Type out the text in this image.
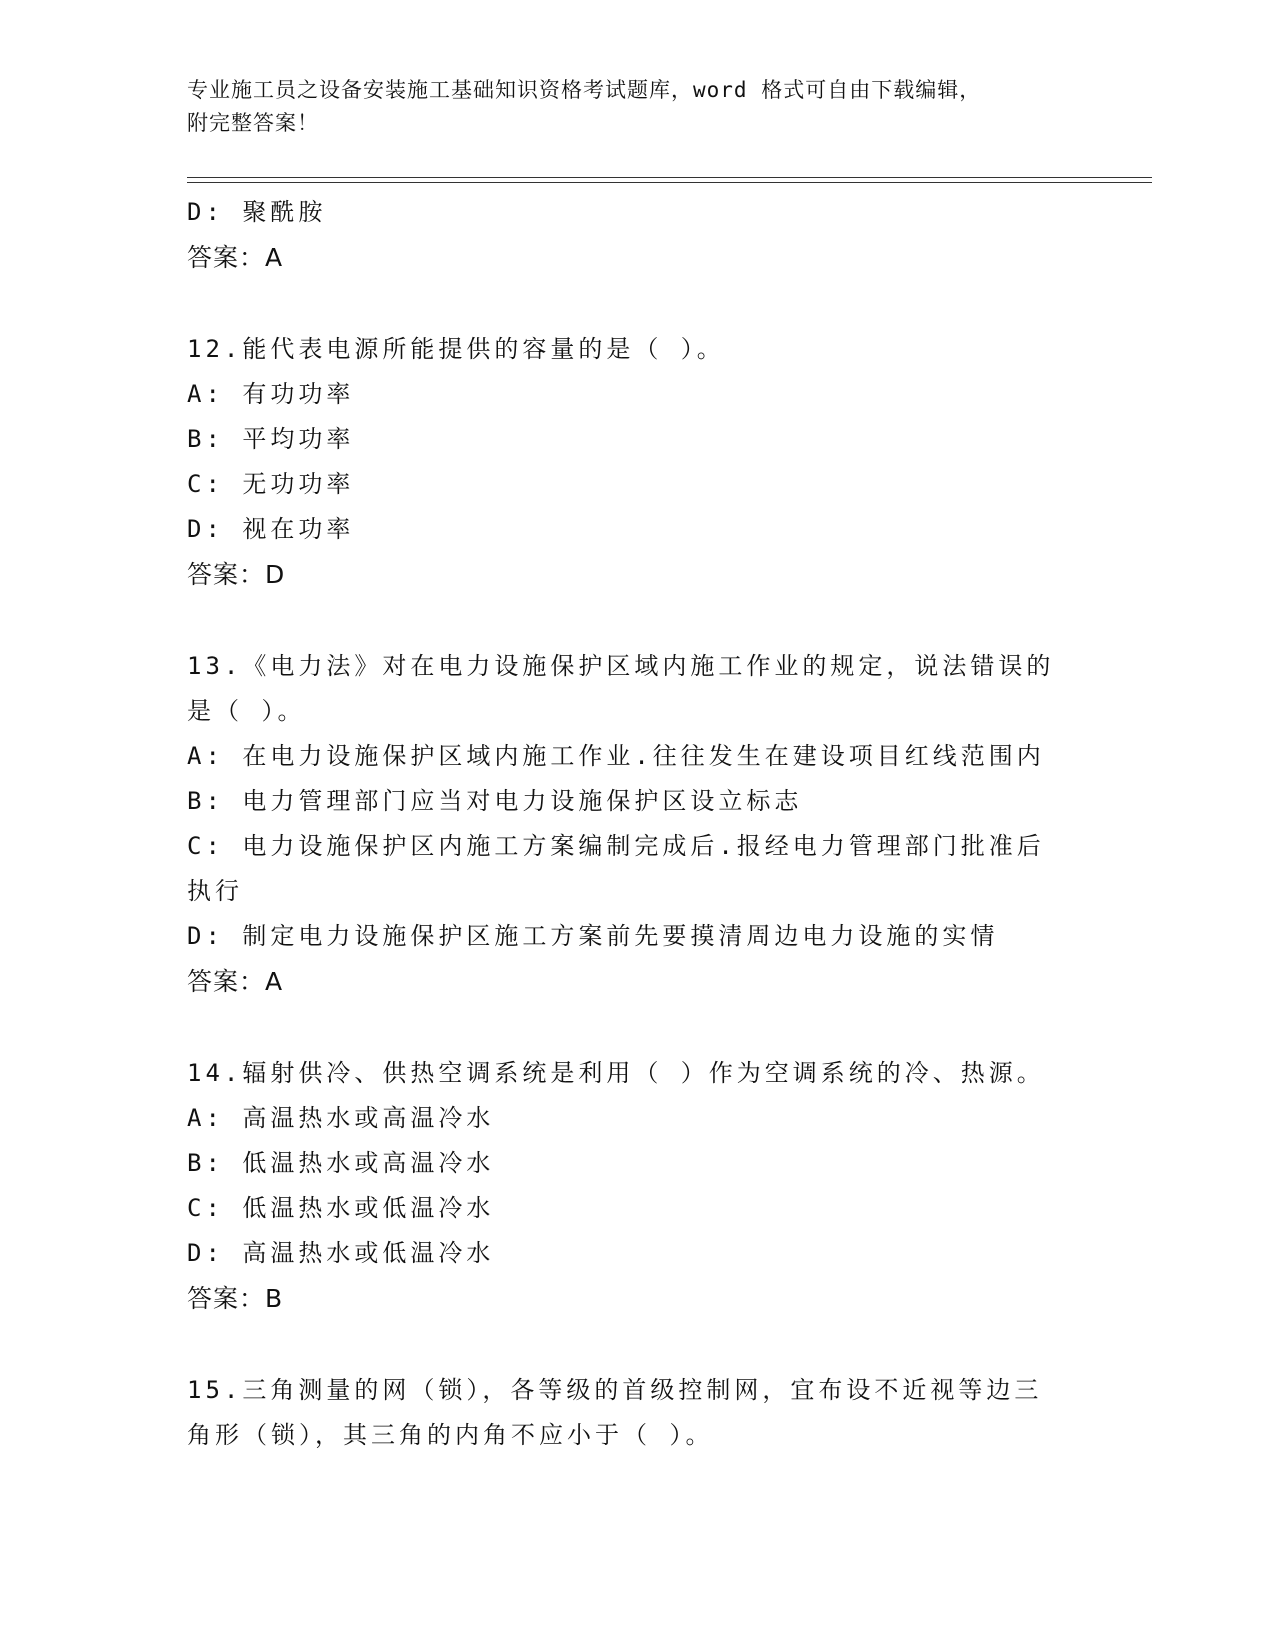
专业施工员之设备安装施工基础知识资格考试题库，word 格式可自由下载编辑，
附完整答案！
D: 聚酰胺
答案：A
12.能代表电源所能提供的容量的是（ ）。
A: 有功功率
B: 平均功率
C: 无功功率
D: 视在功率
答案：D
13.《电力法》对在电力设施保护区域内施工作业的规定，说法错误的
是（ ）。
A: 在电力设施保护区域内施工作业.往往发生在建设项目红线范围内
B: 电力管理部门应当对电力设施保护区设立标志
C: 电力设施保护区内施工方案编制完成后.报经电力管理部门批准后
执行
D: 制定电力设施保护区施工方案前先要摸清周边电力设施的实情
答案：A
14.辐射供冷、供热空调系统是利用（ ）作为空调系统的冷、热源。
A: 高温热水或高温冷水
B: 低温热水或高温冷水
C: 低温热水或低温冷水
D: 高温热水或低温冷水
答案：B
15.三角测量的网（锁），各等级的首级控制网，宜布设不近视等边三
角形（锁），其三角的内角不应小于（ ）。
